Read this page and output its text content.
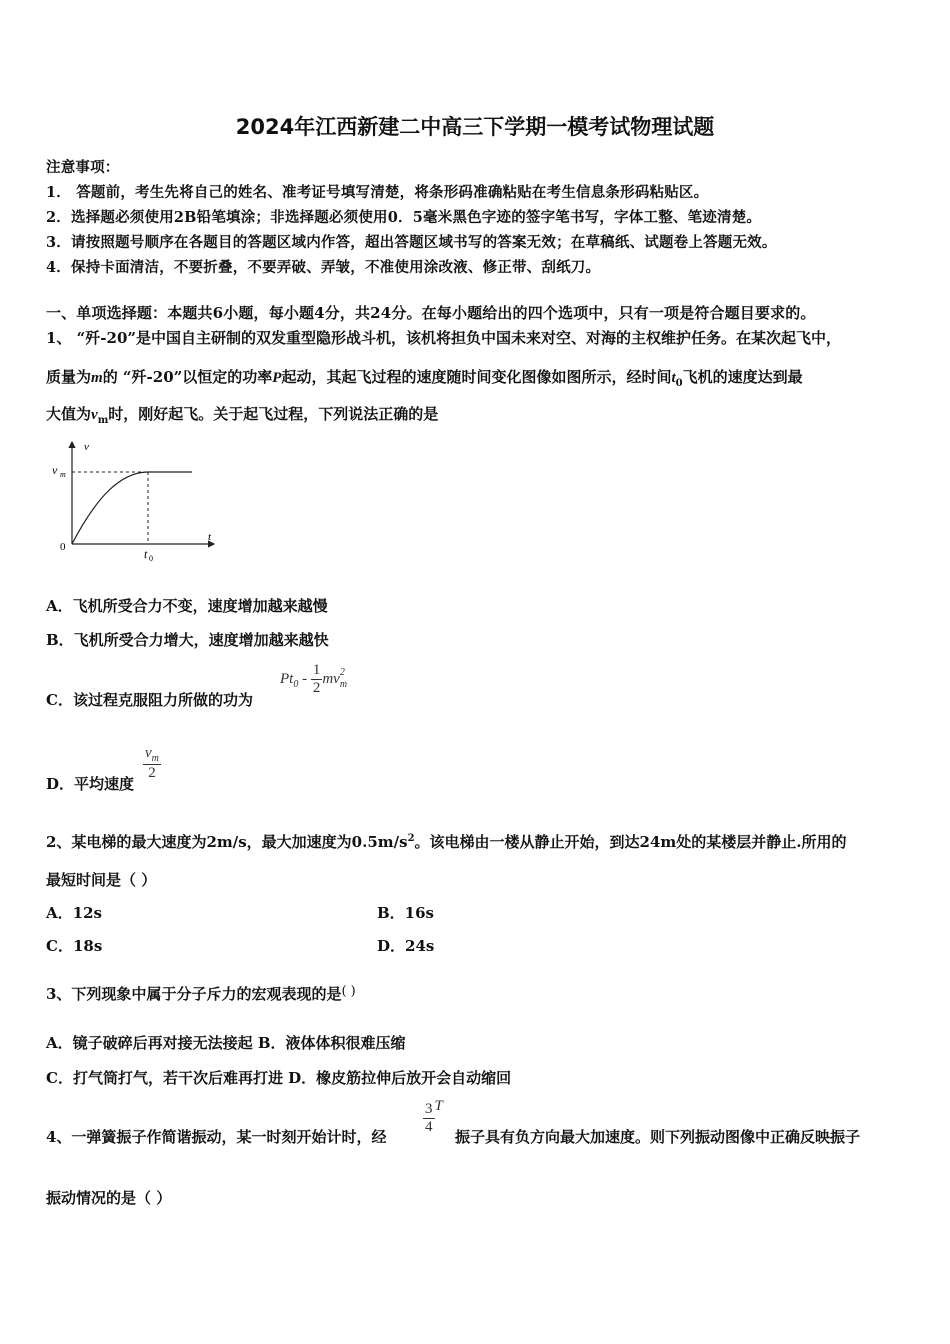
2024年江西新建二中高三下学期一模考试物理试题
注意事项：
1． 答题前，考生先将自己的姓名、准考证号填写清楚，将条形码准确粘贴在考生信息条形码粘贴区。
2．选择题必须使用2B铅笔填涂；非选择题必须使用0．5毫米黑色字迹的签字笔书写，字体工整、笔迹清楚。
3．请按照题号顺序在各题目的答题区域内作答，超出答题区域书写的答案无效；在草稿纸、试题卷上答题无效。
4．保持卡面清洁，不要折叠，不要弄破、弄皱，不准使用涂改液、修正带、刮纸刀。
一、单项选择题：本题共6小题，每小题4分，共24分。在每小题给出的四个选项中，只有一项是符合题目要求的。
1、 “歼-20”是中国自主研制的双发重型隐形战斗机，该机将担负中国未来对空、对海的主权维护任务。在某次起飞中，
质量为m的 “歼-20”以恒定的功率P起动，其起飞过程的速度随时间变化图像如图所示，经时间$t_0$飞机的速度达到最
大值为$v_m$时，刚好起飞。关于起飞过程，下列说法正确的是
v
t
v m
0	t 0
A．飞机所受合力不变，速度增加越来越慢
B．飞机所受合力增大，速度增加越来越快
C．该过程克服阻力所做的功为
$Pt_0 - \frac{1}{2} mv^2_m$
D．平均速度
$\frac{v_m}{2}$
2、某电梯的最大速度为2m/s，最大加速度为$0.5m/s^2$。该电梯由一楼从静止开始，到达24m处的某楼层并静止.所用的
最短时间是（ ）
A．12s	B．16s
C．18s	D．24s
3、下列现象中属于分子斥力的宏观表现的是( )
A．镜子破碎后再对接无法接起 B．液体体积很难压缩
C．打气筒打气，若干次后难再打进 D．橡皮筋拉伸后放开会自动缩回
4、一弹簧振子作简谐振动，某一时刻开始计时，经
$\frac{3}{4}$ T
振子具有负方向最大加速度。则下列振动图像中正确反映振子
振动情况的是（ ）
